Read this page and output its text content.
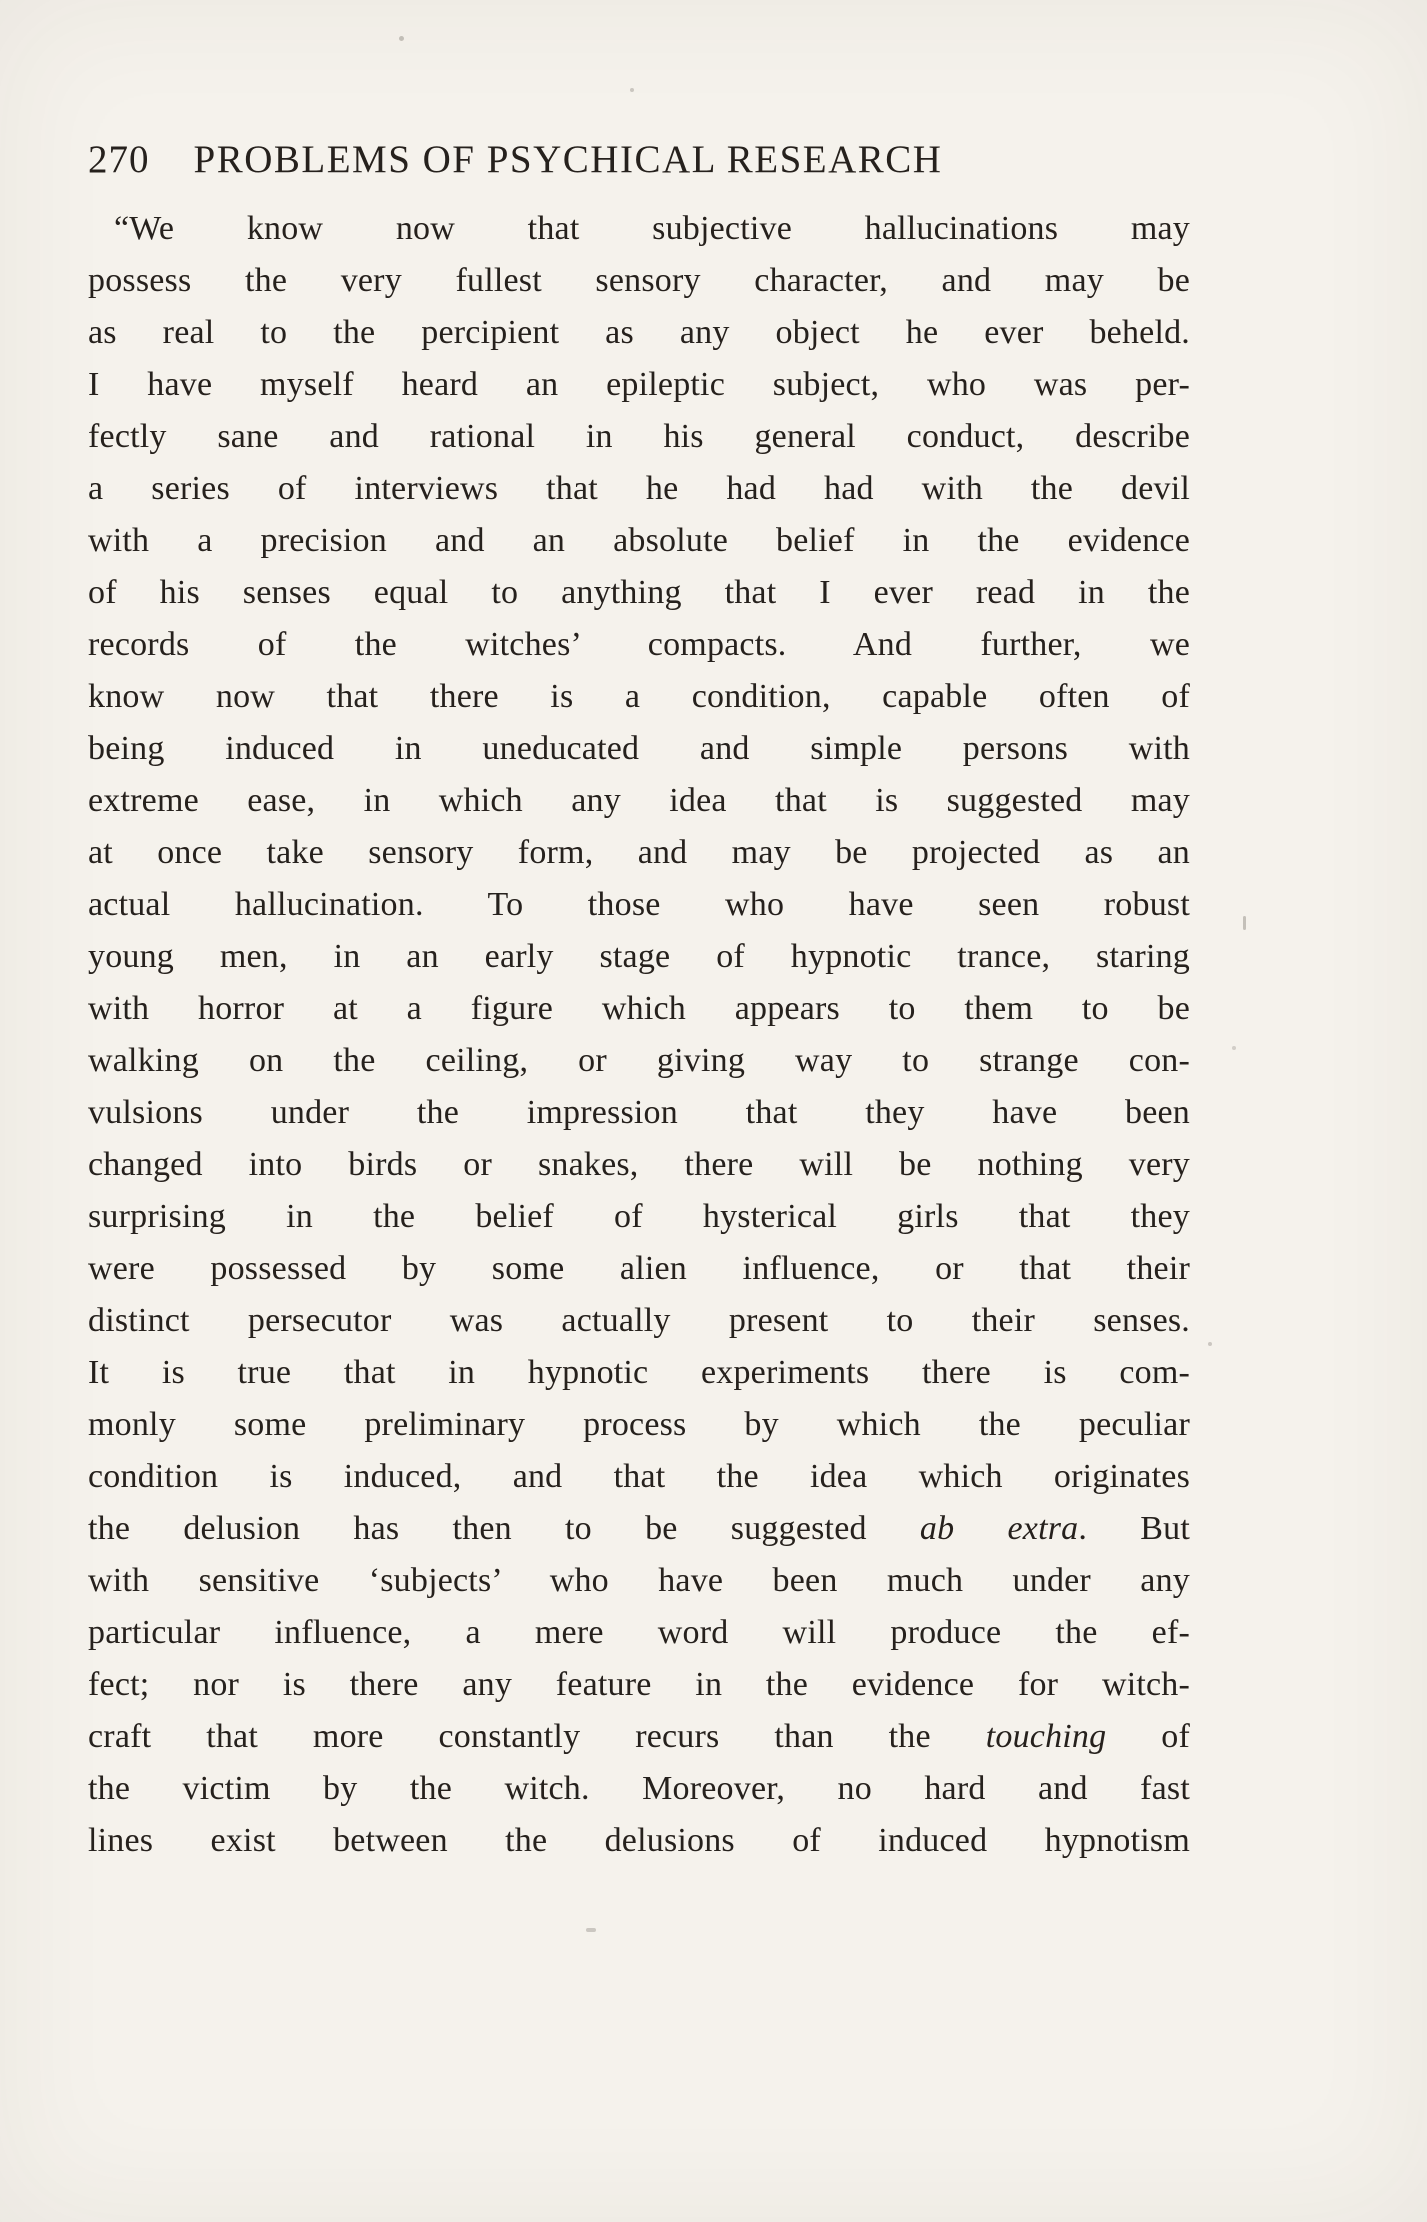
270 PROBLEMS OF PSYCHICAL RESEARCH
“We know now that subjective hallucinations may
possess the very fullest sensory character, and may be
as real to the percipient as any object he ever beheld.
I have myself heard an epileptic subject, who was per-
fectly sane and rational in his general conduct, describe
a series of interviews that he had had with the devil
with a precision and an absolute belief in the evidence
of his senses equal to anything that I ever read in the
records of the witches’ compacts. And further, we
know now that there is a condition, capable often of
being induced in uneducated and simple persons with
extreme ease, in which any idea that is suggested may
at once take sensory form, and may be projected as an
actual hallucination. To those who have seen robust
young men, in an early stage of hypnotic trance, staring
with horror at a figure which appears to them to be
walking on the ceiling, or giving way to strange con-
vulsions under the impression that they have been
changed into birds or snakes, there will be nothing very
surprising in the belief of hysterical girls that they
were possessed by some alien influence, or that their
distinct persecutor was actually present to their senses.
It is true that in hypnotic experiments there is com-
monly some preliminary process by which the peculiar
condition is induced, and that the idea which originates
the delusion has then to be suggested ab extra. But
with sensitive ‘subjects’ who have been much under any
particular influence, a mere word will produce the ef-
fect; nor is there any feature in the evidence for witch-
craft that more constantly recurs than the touching of
the victim by the witch. Moreover, no hard and fast
lines exist between the delusions of induced hypnotism
